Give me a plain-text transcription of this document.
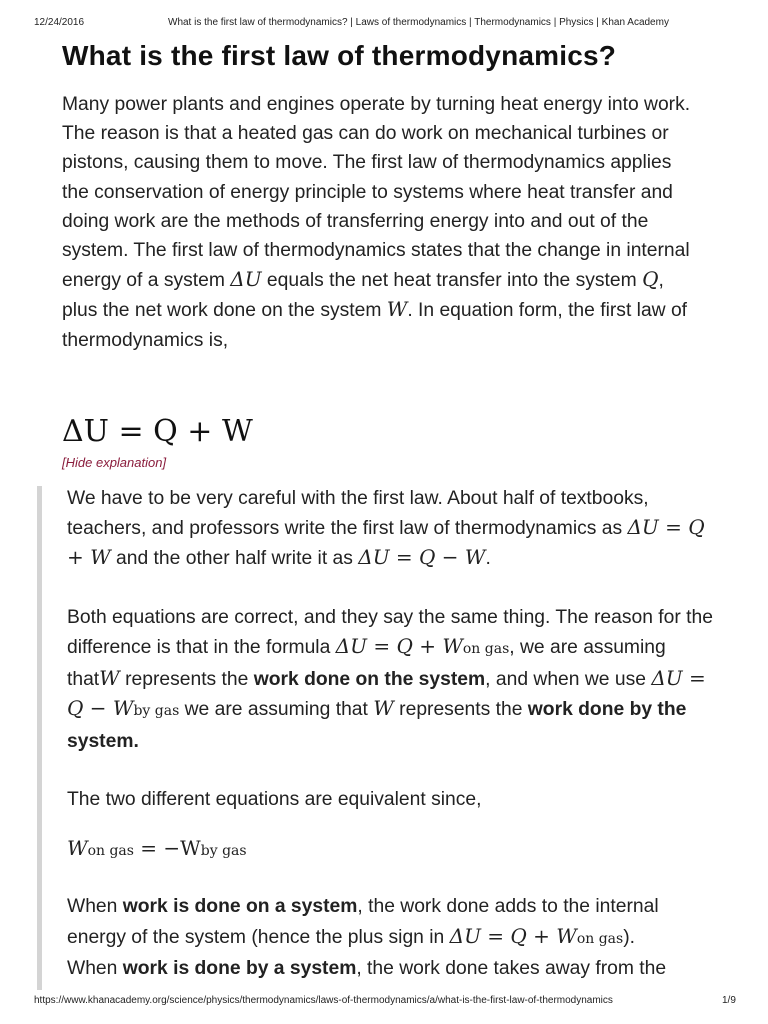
12/24/2016	What is the first law of thermodynamics? | Laws of thermodynamics | Thermodynamics | Physics | Khan Academy
What is the first law of thermodynamics?

Many power plants and engines operate by turning heat energy into work. The reason is that a heated gas can do work on mechanical turbines or pistons, causing them to move. The first law of thermodynamics applies the conservation of energy principle to systems where heat transfer and doing work are the methods of transferring energy into and out of the system. The first law of thermodynamics states that the change in internal energy of a system ΔU equals the net heat transfer into the system Q, plus the net work done on the system W. In equation form, the first law of thermodynamics is,

ΔU = Q + W
[Hide explanation]

We have to be very careful with the first law. About half of textbooks, teachers, and professors write the first law of thermodynamics as ΔU = Q + W and the other half write it as ΔU = Q − W.

Both equations are correct, and they say the same thing. The reason for the difference is that in the formula ΔU = Q + Won gas, we are assuming thatW represents the work done on the system, and when we use ΔU = Q − Wby gas we are assuming that W represents the work done by the system.

The two different equations are equivalent since,

Won gas = −Wby gas

When work is done on a system, the work done adds to the internal energy of the system (hence the plus sign in ΔU = Q + Won gas).

When work is done by a system, the work done takes away from the

https://www.khanacademy.org/science/physics/thermodynamics/laws-of-thermodynamics/a/what-is-the-first-law-of-thermodynamics	1/9
